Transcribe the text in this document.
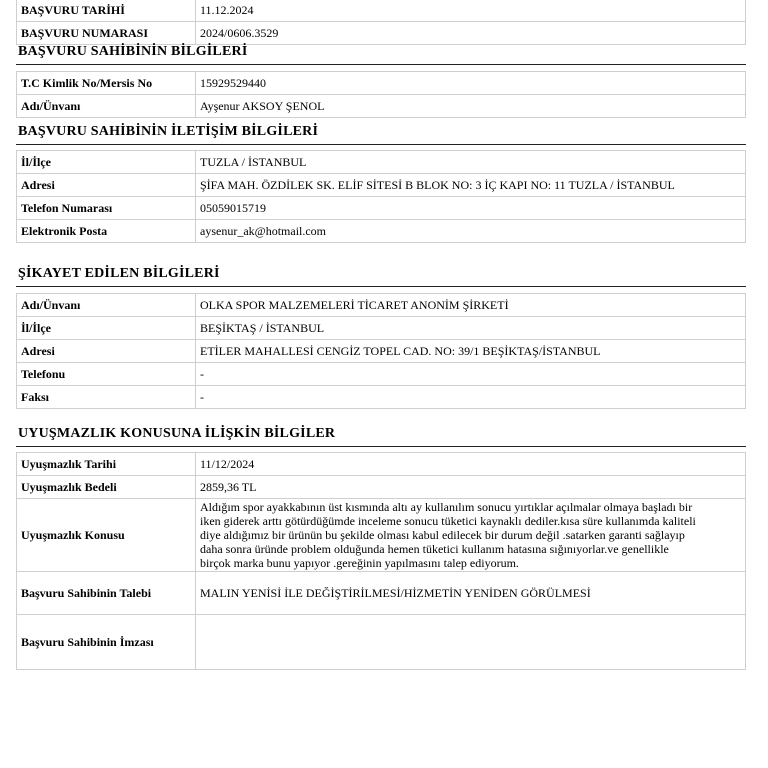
BAŞVURU TARİHİ	11.12.2024
BAŞVURU NUMARASI	2024/0606.3529
BAŞVURU SAHİBİNİN BİLGİLERİ
T.C Kimlik No/Mersis No	15929529440
Adı/Ünvanı	Ayşenur AKSOY ŞENOL
BAŞVURU SAHİBİNİN İLETİŞİM BİLGİLERİ
İl/İlçe	TUZLA / İSTANBUL
Adresi	ŞİFA MAH. ÖZDİLEK SK. ELİF SİTESİ B BLOK NO: 3 İÇ KAPI NO: 11 TUZLA / İSTANBUL
Telefon Numarası	05059015719
Elektronik Posta	aysenur_ak@hotmail.com
ŞİKAYET EDİLEN BİLGİLERİ
Adı/Ünvanı	OLKA SPOR MALZEMELERİ TİCARET ANONİM ŞİRKETİ
İl/İlçe	BEŞİKTAŞ / İSTANBUL
Adresi	ETİLER MAHALLESİ CENGİZ TOPEL CAD. NO: 39/1 BEŞİKTAŞ/İSTANBUL
Telefonu	-
Faksı	-
UYUŞMAZLIK KONUSUNA İLİŞKİN BİLGİLER
Uyuşmazlık Tarihi	11/12/2024
Uyuşmazlık Bedeli	2859,36 TL
Uyuşmazlık Konusu	Aldığım spor ayakkabının üst kısmında altı ay kullanılım sonucu yırtıklar açılmalar olmaya başladı bir
iken giderek arttı götürdüğümde inceleme sonucu tüketici kaynaklı dediler.kısa süre kullanımda kaliteli
diye aldığımız bir ürünün bu şekilde olması kabul edilecek bir durum değil .satarken garanti sağlayıp
daha sonra üründe problem olduğunda hemen tüketici kullanım hatasına sığınıyorlar.ve genellikle
birçok marka bunu yapıyor .gereğinin yapılmasını talep ediyorum.

Başvuru Sahibinin Talebi	MALIN YENİSİ İLE DEĞİŞTİRİLMESİ/HİZMETİN YENİDEN GÖRÜLMESİ
Başvuru Sahibinin İmzası	
